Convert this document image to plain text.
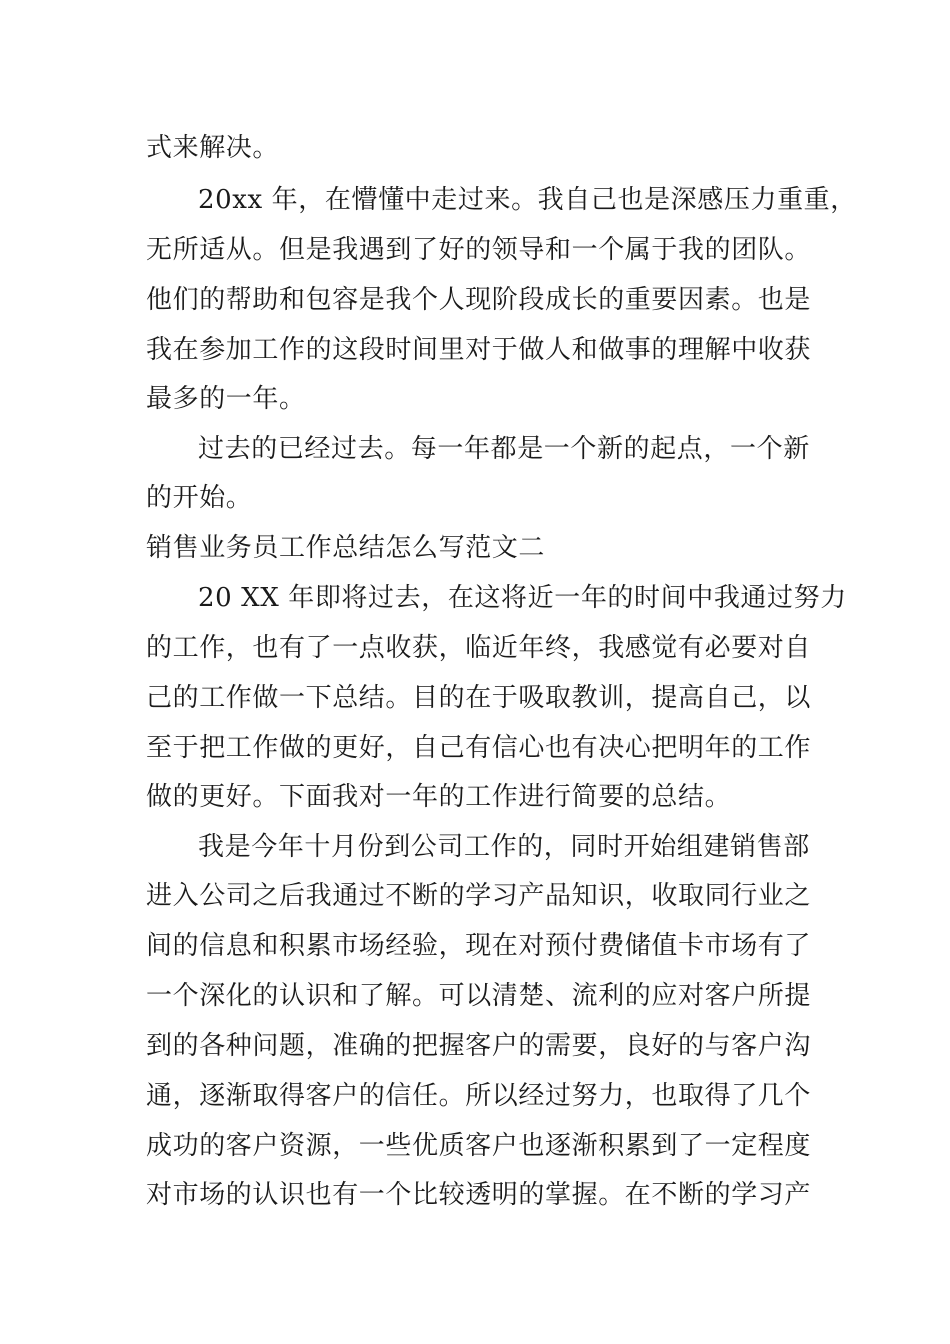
式来解决。
20xx 年，在懵懂中走过来。我自己也是深感压力重重，
无所适从。但是我遇到了好的领导和一个属于我的团队。
他们的帮助和包容是我个人现阶段成长的重要因素。也是
我在参加工作的这段时间里对于做人和做事的理解中收获
最多的一年。
过去的已经过去。每一年都是一个新的起点，一个新
的开始。
销售业务员工作总结怎么写范文二
20 XX 年即将过去，在这将近一年的时间中我通过努力
的工作，也有了一点收获，临近年终，我感觉有必要对自
己的工作做一下总结。目的在于吸取教训，提高自己，以
至于把工作做的更好，自己有信心也有决心把明年的工作
做的更好。下面我对一年的工作进行简要的总结。
我是今年十月份到公司工作的，同时开始组建销售部
进入公司之后我通过不断的学习产品知识，收取同行业之
间的信息和积累市场经验，现在对预付费储值卡市场有了
一个深化的认识和了解。可以清楚、流利的应对客户所提
到的各种问题，准确的把握客户的需要，良好的与客户沟
通，逐渐取得客户的信任。所以经过努力，也取得了几个
成功的客户资源，一些优质客户也逐渐积累到了一定程度
对市场的认识也有一个比较透明的掌握。在不断的学习产
